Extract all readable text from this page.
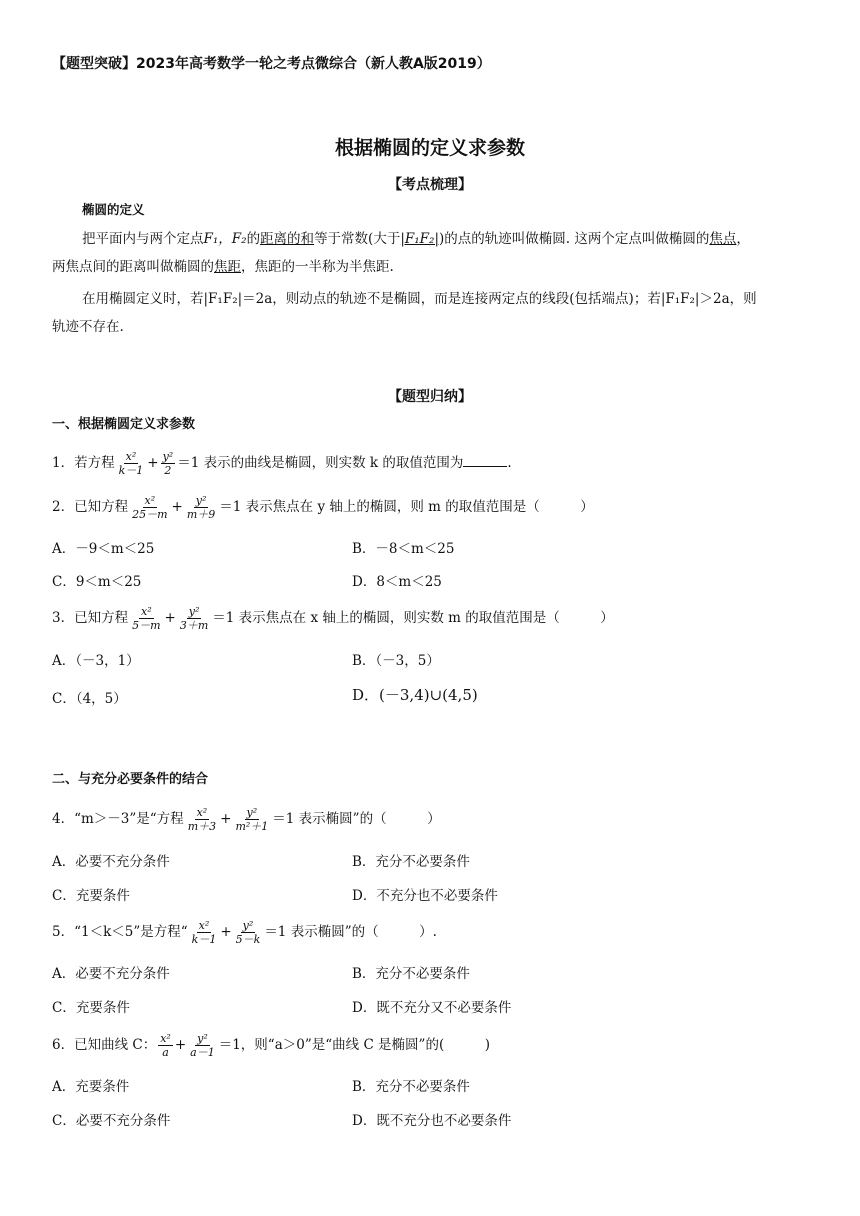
【题型突破】2023年高考数学一轮之考点微综合（新人教A版2019）
根据椭圆的定义求参数
【考点梳理】
椭圆的定义
把平面内与两个定点F₁，F₂的距离的和等于常数(大于|F₁F₂|)的点的轨迹叫做椭圆. 这两个定点叫做椭圆的焦点，
两焦点间的距离叫做椭圆的焦距，焦距的一半称为半焦距.
在用椭圆定义时，若|F₁F₂|＝2a，则动点的轨迹不是椭圆，而是连接两定点的线段(包括端点)；若|F₁F₂|＞2a，则
轨迹不存在.
【题型归纳】
一、根据椭圆定义求参数
1．若方程 $\frac{\text{x²}}{k-1} + \frac{\text{y²}}{2} =1$ 表示的曲线是椭圆，则实数 k 的取值范围为	.
2．已知方程 $\frac{\text{x²}}{25-m} + \frac{\text{y²}}{m+9} =1$ 表示焦点在 y 轴上的椭圆，则 m 的取值范围是（　　　）
A．－9＜m＜25	B．－8＜m＜25
C．9＜m＜25	D．8＜m＜25
3．已知方程 $\frac{\text{x²}}{5-m} + \frac{\text{y²}}{3+m} =1$ 表示焦点在 x 轴上的椭圆，则实数 m 的取值范围是（　　　）
A．（－3，1）	B．（－3，5）
C．（4，5）	D．(－3,4)∪(4,5)
二、与充分必要条件的结合
4．“m＞－3”是“方程 $\frac{\text{x²}}{m+3} + \frac{\text{y²}}{\text{m²＋1}} =1$ 表示椭圆”的（　　　）
A．必要不充分条件	B．充分不必要条件
C．充要条件	D．不充分也不必要条件
5．“1＜k＜5”是方程“ $\frac{\text{x²}}{k-1} + \frac{\text{y²}}{5-k} =1$ 表示椭圆”的（　　　）.
A．必要不充分条件	B．充分不必要条件
C．充要条件	D．既不充分又不必要条件
6．已知曲线 C： $\frac{\text{x²}}{a} + \frac{\text{y²}}{a-1} =1$，则“a＞0”是“曲线 C 是椭圆”的(　　　)
A．充要条件	B．充分不必要条件
C．必要不充分条件	D．既不充分也不必要条件
